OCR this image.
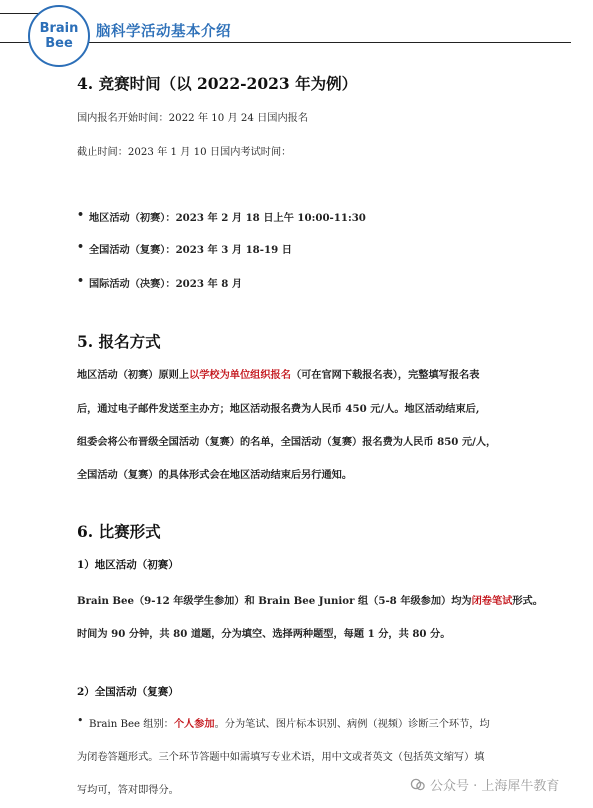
Brain
Bee
脑科学活动基本介绍
4. 竞赛时间（以 2022-2023 年为例）
国内报名开始时间：2022 年 10 月 24 日国内报名
截止时间：2023 年 1 月 10 日国内考试时间：
• 地区活动（初赛）：2023 年 2 月 18 日上午 10:00-11:30
• 全国活动（复赛）：2023 年 3 月 18-19 日
• 国际活动（决赛）：2023 年 8 月
5. 报名方式
地区活动（初赛）原则上以学校为单位组织报名（可在官网下载报名表），完整填写报名表
后，通过电子邮件发送至主办方；地区活动报名费为人民币 450 元/人。地区活动结束后,
组委会将公布晋级全国活动（复赛）的名单，全国活动（复赛）报名费为人民币 850 元/人，
全国活动（复赛）的具体形式会在地区活动结束后另行通知。
6. 比赛形式
1）地区活动（初赛）
Brain Bee（9-12 年级学生参加）和 Brain Bee Junior 组（5-8 年级参加）均为闭卷笔试形式。
时间为 90 分钟，共 80 道题，分为填空、选择两种题型，每题 1 分，共 80 分。
2）全国活动（复赛）
• Brain Bee 组别：个人参加。分为笔试、图片标本识别、病例（视频）诊断三个环节，均
为闭卷答题形式。三个环节答题中如需填写专业术语，用中文或者英文（包括英文缩写）填
写均可，答对即得分。	公众号 · 上海犀牛教育
